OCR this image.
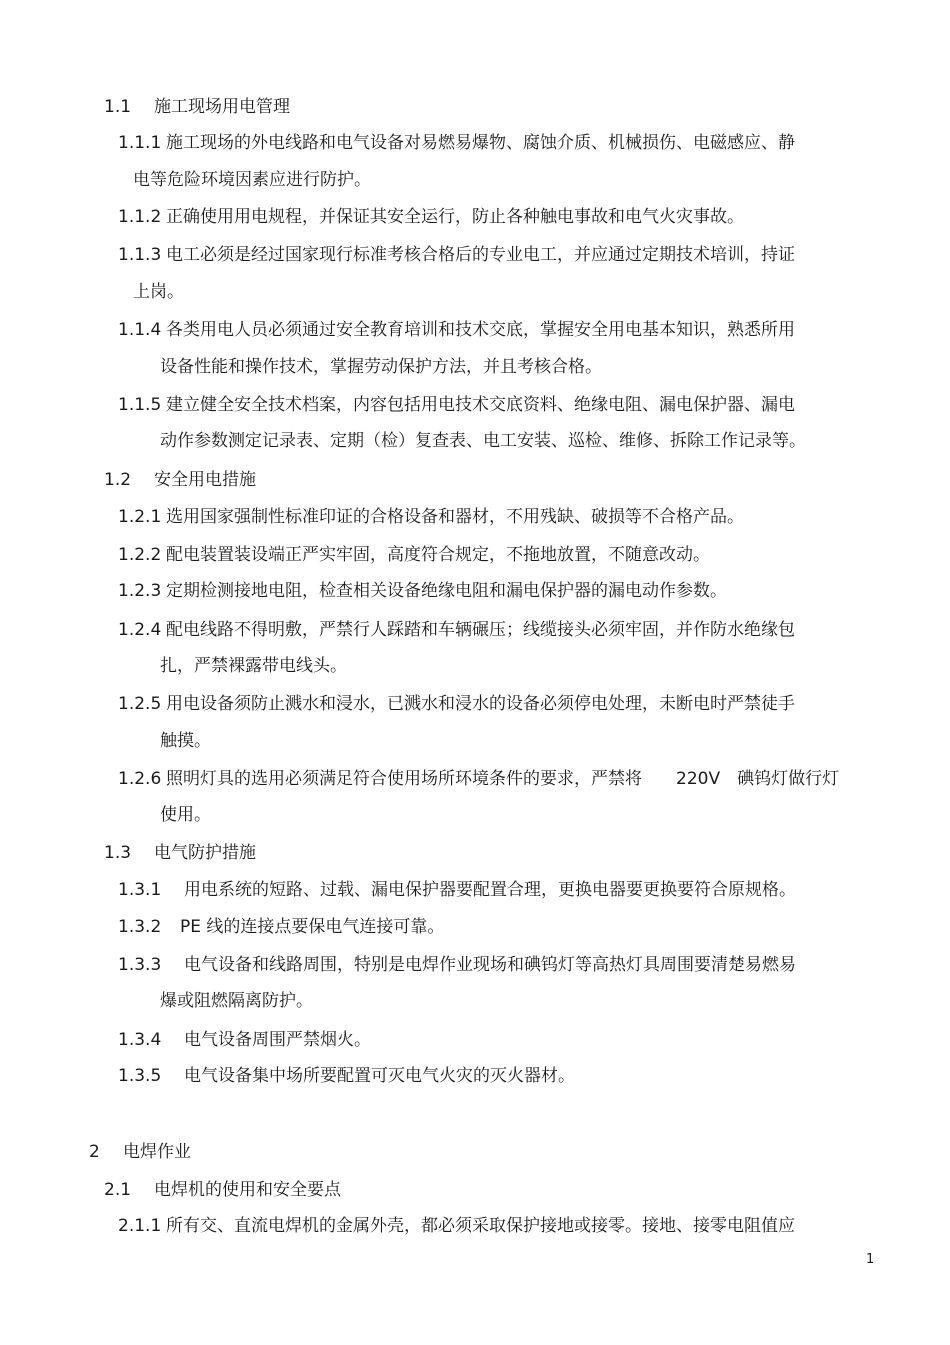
1.1 施工现场用电管理
1.1.1 施工现场的外电线路和电气设备对易燃易爆物、腐蚀介质、机械损伤、电磁感应、静
电等危险环境因素应进行防护。
1.1.2 正确使用用电规程，并保证其安全运行，防止各种触电事故和电气火灾事故。
1.1.3 电工必须是经过国家现行标准考核合格后的专业电工，并应通过定期技术培训，持证
上岗。
1.1.4 各类用电人员必须通过安全教育培训和技术交底，掌握安全用电基本知识，熟悉所用
设备性能和操作技术，掌握劳动保护方法，并且考核合格。
1.1.5 建立健全安全技术档案，内容包括用电技术交底资料、绝缘电阻、漏电保护器、漏电
动作参数测定记录表、定期（检）复查表、电工安装、巡检、维修、拆除工作记录等。
1.2 安全用电措施
1.2.1 选用国家强制性标准印证的合格设备和器材，不用残缺、破损等不合格产品。
1.2.2 配电装置装设端正严实牢固，高度符合规定，不拖地放置，不随意改动。
1.2.3 定期检测接地电阻，检查相关设备绝缘电阻和漏电保护器的漏电动作参数。
1.2.4 配电线路不得明敷，严禁行人踩踏和车辆碾压；线缆接头必须牢固，并作防水绝缘包
扎，严禁裸露带电线头。
1.2.5 用电设备须防止溅水和浸水，已溅水和浸水的设备必须停电处理，未断电时严禁徒手
触摸。
1.2.6 照明灯具的选用必须满足符合使用场所环境条件的要求，严禁将　　220V　碘钨灯做行灯
使用。
1.3 电气防护措施
1.3.1 用电系统的短路、过载、漏电保护器要配置合理，更换电器要更换要符合原规格。
1.3.2 PE 线的连接点要保电气连接可靠。
1.3.3 电气设备和线路周围，特别是电焊作业现场和碘钨灯等高热灯具周围要清楚易燃易
爆或阻燃隔离防护。
1.3.4 电气设备周围严禁烟火。
1.3.5 电气设备集中场所要配置可灭电气火灾的灭火器材。
2 电焊作业
2.1 电焊机的使用和安全要点
2.1.1 所有交、直流电焊机的金属外壳，都必须采取保护接地或接零。接地、接零电阻值应
1
